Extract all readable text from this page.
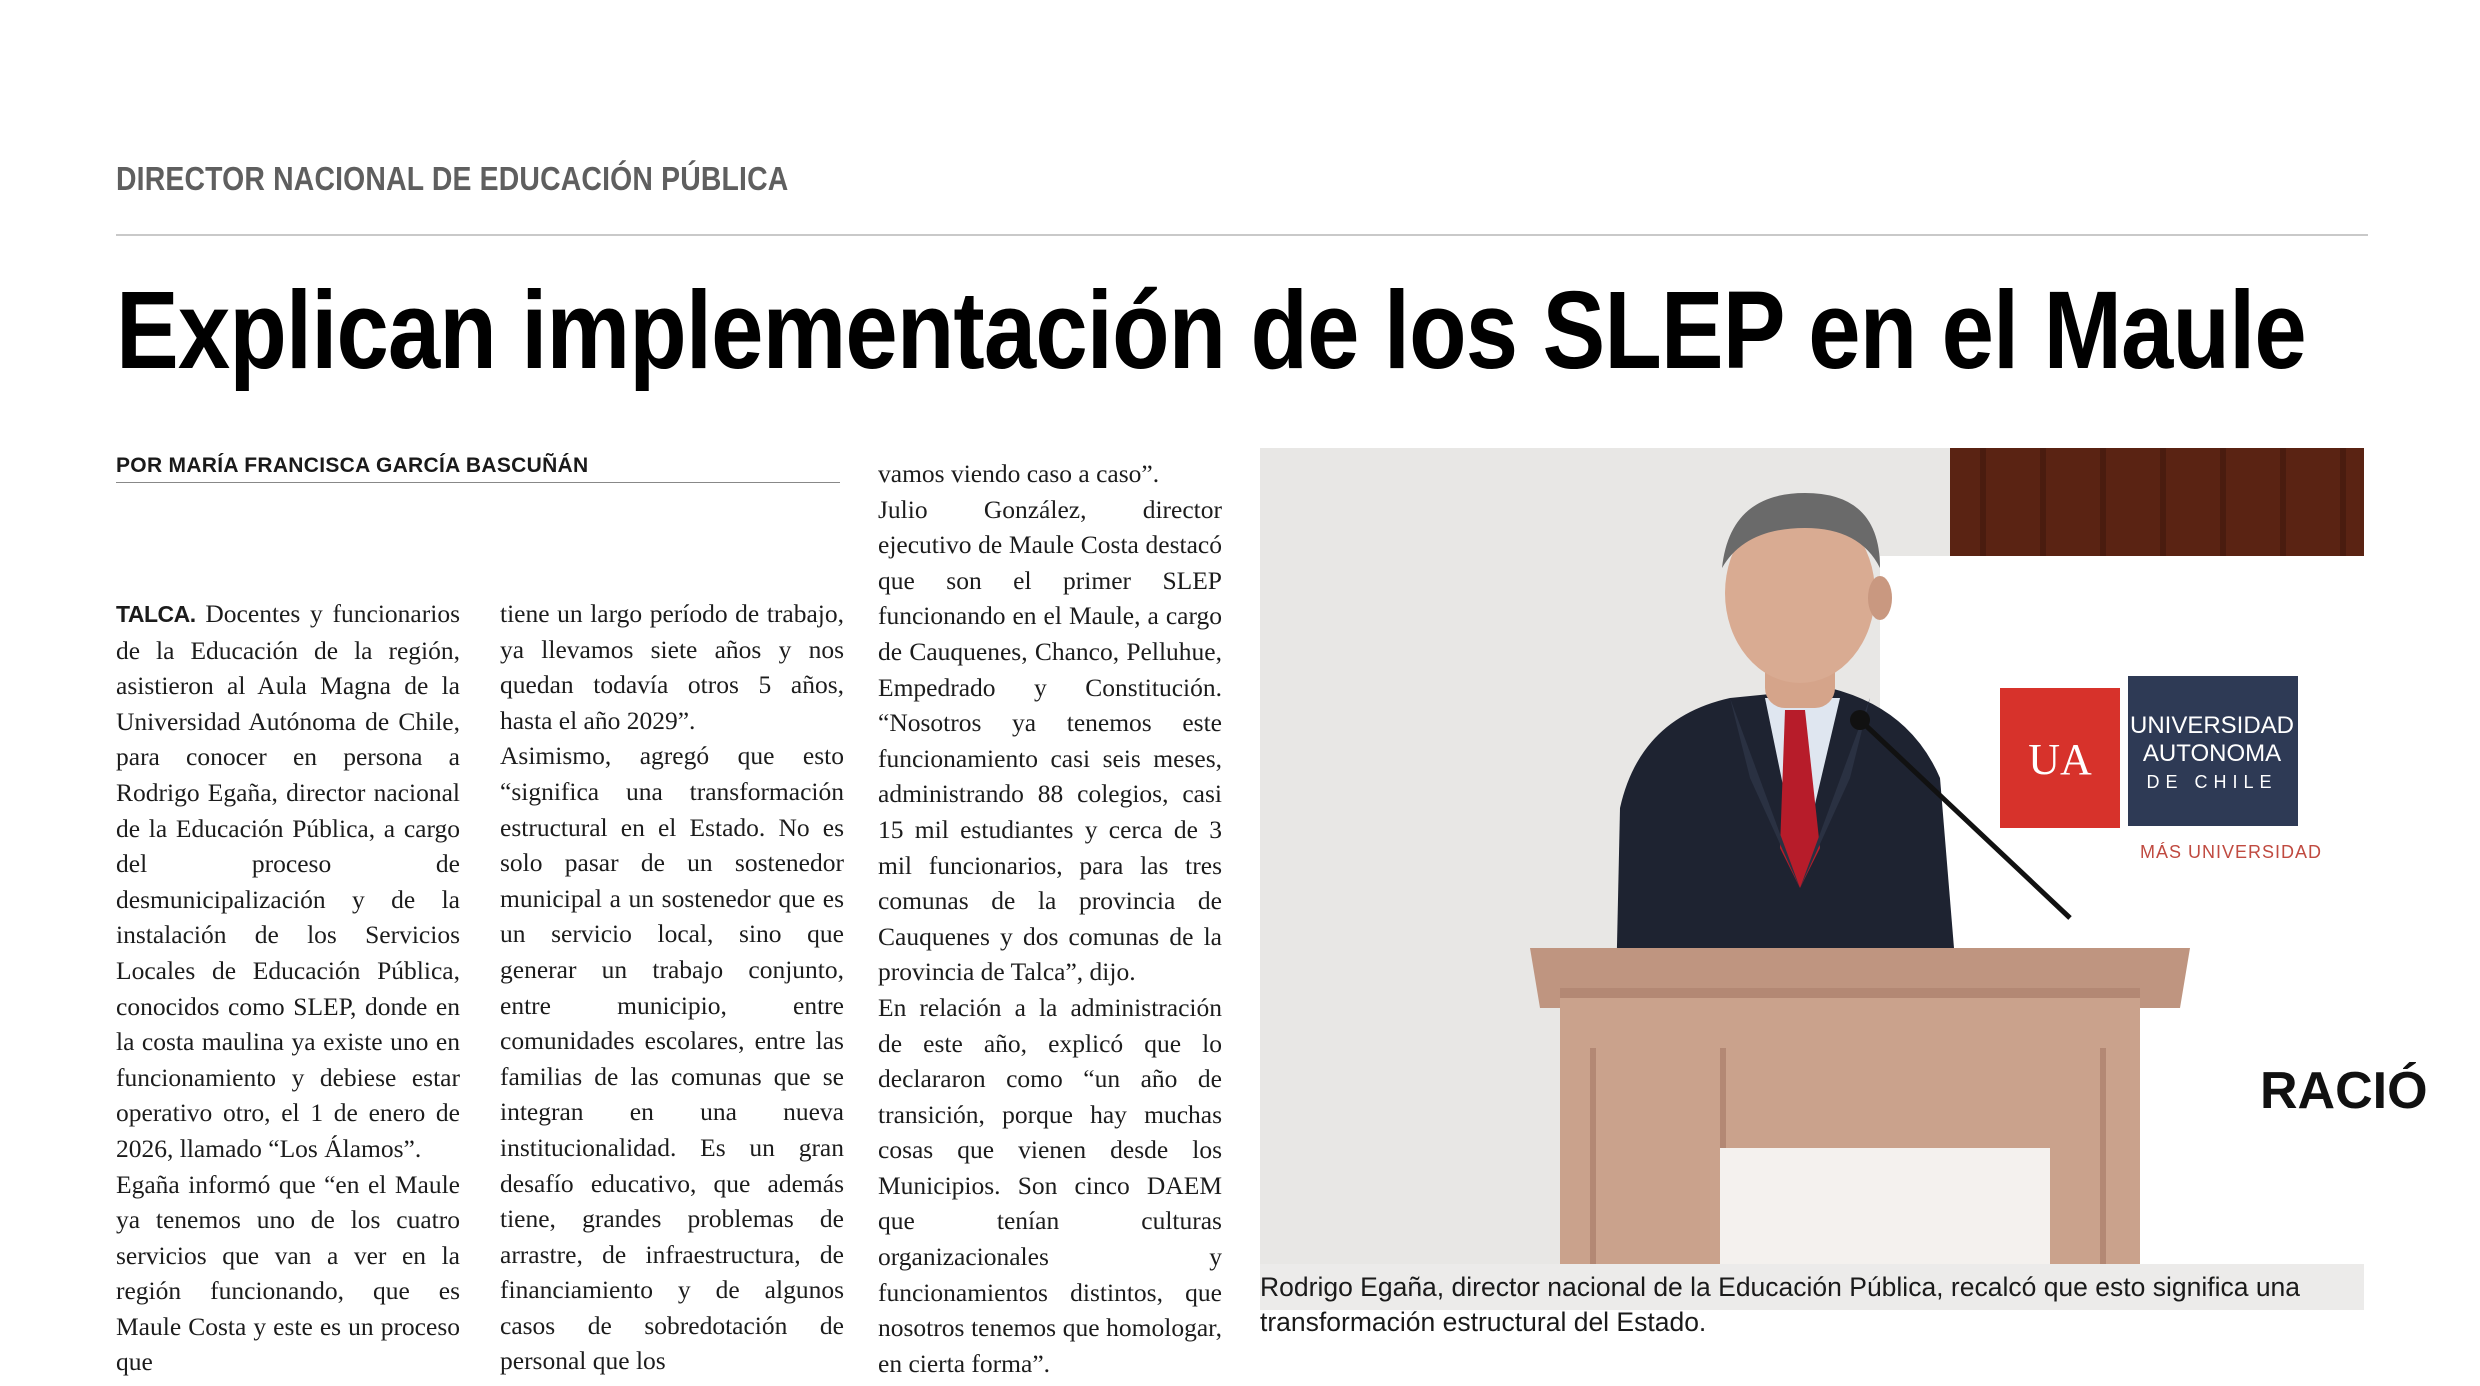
DIRECTOR NACIONAL DE EDUCACIÓN PÚBLICA
Explican implementación de los SLEP en el Maule
POR MARÍA FRANCISCA GARCÍA BASCUÑÁN

TALCA. Docentes y funcionarios de la Educación de la región, asistieron al Aula Magna de la Universidad Autónoma de Chile, para conocer en persona a Rodrigo Egaña, director nacional de la Educación Pública, a cargo del proceso de desmunicipalización y de la instalación de los Servicios Locales de Educación Pública, conocidos como SLEP, donde en la costa maulina ya existe uno en funcionamiento y debiese estar operativo otro, el 1 de enero de 2026, llamado “Los Álamos”.

Egaña informó que “en el Maule ya tenemos uno de los cuatro servicios que van a ver en la región funcionando, que es Maule Costa y este es un proceso que

tiene un largo período de trabajo, ya llevamos siete años y nos quedan todavía otros 5 años, hasta el año 2029”.

Asimismo, agregó que esto “significa una transformación estructural en el Estado. No es solo pasar de un sostenedor municipal a un sostenedor que es un servicio local, sino que generar un trabajo conjunto, entre municipio, entre comunidades escolares, entre las familias de las comunas que se integran en una nueva institucionalidad. Es un gran desafío educativo, que además tiene, grandes problemas de arrastre, de infraestructura, de financiamiento y de algunos casos de sobredotación de personal que los

vamos viendo caso a caso”.

Julio González, director ejecutivo de Maule Costa destacó que son el primer SLEP funcionando en el Maule, a cargo de Cauquenes, Chanco, Pelluhue, Empedrado y Constitución. “Nosotros ya tenemos este funcionamiento casi seis meses, administrando 88 colegios, casi 15 mil estudiantes y cerca de 3 mil funcionarios, para las tres comunas de la provincia de Cauquenes y dos comunas de la provincia de Talca”, dijo.

En relación a la administración de este año, explicó que lo declararon como “un año de transición, porque hay muchas cosas que vienen desde los Municipios. Son cinco DAEM que tenían culturas organizacionales y funcionamientos distintos, que nosotros tenemos que homologar, en cierta forma”.

UA
UNIVERSIDAD
AUTONOMA
DE CHILE
MÁS UNIVERSIDAD
RACIÓ
Rodrigo Egaña, director nacional de la Educación Pública, recalcó que esto significa una transformación estructural del Estado.
